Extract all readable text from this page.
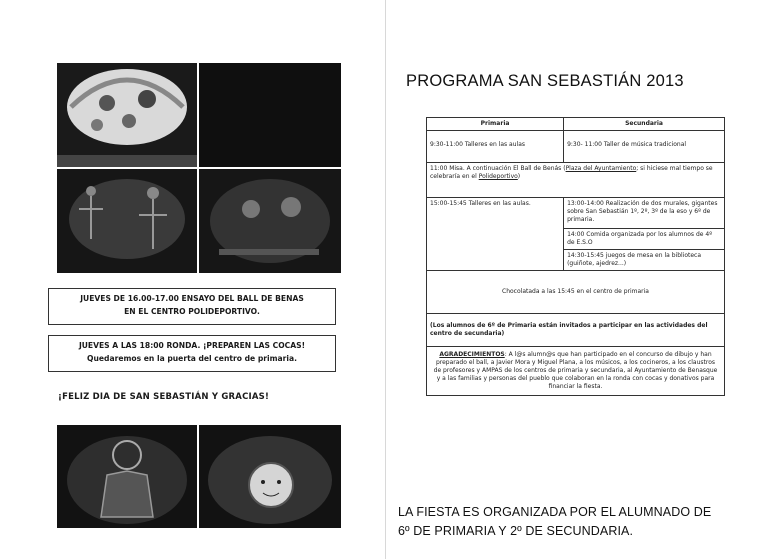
JUEVES DE 16.00-17.00 ENSAYO DEL BALL DE BENAS
EN EL CENTRO POLIDEPORTIVO.
JUEVES A LAS 18:00 RONDA. ¡PREPAREN LAS COCAS!
Quedaremos en la puerta del centro de primaria.
¡FELIZ DIA DE SAN SEBASTIÁN Y GRACIAS!
PROGRAMA SAN SEBASTIÁN 2013
Primaria	Secundaria
9:30-11:00 Talleres en las aulas	9:30- 11:00 Taller de música tradicional
11:00 Misa. A continuación El Ball de Benás (Plaza del Ayuntamiento; si hiciese mal tiempo se celebraría en el Polideportivo)	
15:00-15:45 Talleres en las aulas.	13:00-14:00 Realización de dos murales, gigantes sobre San Sebastián 1º, 2º, 3º de la eso y 6º de primaria.
	14:00 Comida organizada por los alumnos de 4º de E.S.O
	14:30-15:45 juegos de mesa en la biblioteca (guiñote, ajedrez...)
Chocolatada a las 15:45 en el centro de primaria	
(Los alumnos de 6º de Primaria están invitados a participar en las actividades del centro de secundaria)	
AGRADECIMIENTOS: A l@s alumn@s que han participado en el concurso de dibujo y han preparado el ball, a Javier Mora y Miguel Plana, a los músicos, a los cocineros, a los claustros de profesores y AMPAS de los centros de primaria y secundaria, al Ayuntamiento de Benasque y a las familias y personas del pueblo que colaboran en la ronda con cocas y donativos para financiar la fiesta.	
LA FIESTA ES ORGANIZADA POR EL ALUMNADO DE
6º DE PRIMARIA Y 2º DE SECUNDARIA.
